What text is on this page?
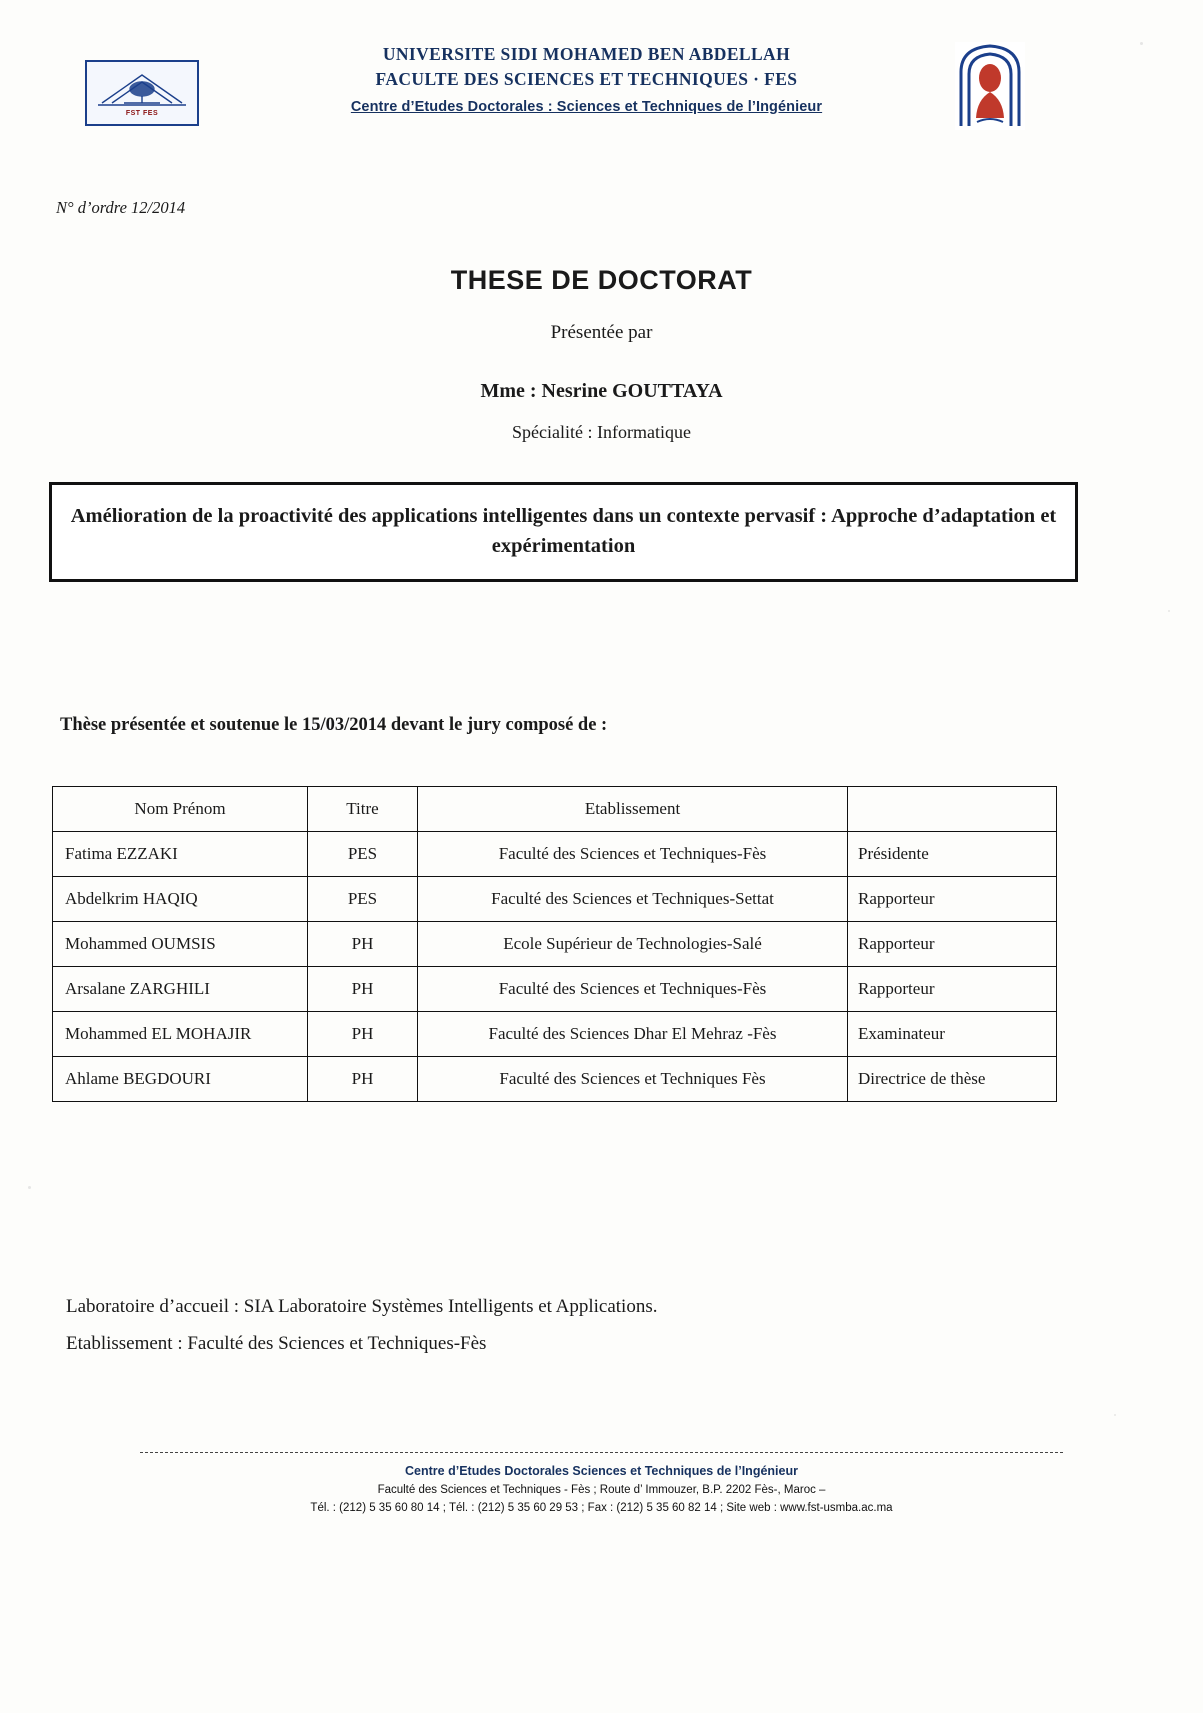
FST FES
UNIVERSITE SIDI MOHAMED BEN ABDELLAH
FACULTE DES SCIENCES ET TECHNIQUES · FES
Centre d’Etudes Doctorales : Sciences et Techniques de l’Ingénieur
N° d’ordre 12/2014
THESE DE DOCTORAT
Présentée par
Mme : Nesrine GOUTTAYA
Spécialité : Informatique
Amélioration de la proactivité des applications intelligentes dans un contexte pervasif : Approche d’adaptation et expérimentation
Thèse présentée et soutenue le 15/03/2014 devant le jury composé de :
Nom Prénom	Titre	Etablissement	
Fatima EZZAKI	PES	Faculté des Sciences et Techniques-Fès	Présidente
Abdelkrim HAQIQ	PES	Faculté des Sciences et Techniques-Settat	Rapporteur
Mohammed OUMSIS	PH	Ecole Supérieur de Technologies-Salé	Rapporteur
Arsalane ZARGHILI	PH	Faculté des Sciences et Techniques-Fès	Rapporteur
Mohammed EL MOHAJIR	PH	Faculté des Sciences Dhar El Mehraz -Fès	Examinateur
Ahlame BEGDOURI	PH	Faculté des Sciences et Techniques Fès	Directrice de thèse
Laboratoire d’accueil : SIA Laboratoire Systèmes Intelligents et Applications.
Etablissement : Faculté des Sciences et Techniques-Fès
Centre d’Etudes Doctorales Sciences et Techniques de l’Ingénieur
Faculté des Sciences et Techniques - Fès ; Route d’ Immouzer, B.P. 2202 Fès-, Maroc –
Tél. : (212) 5 35 60 80 14 ; Tél. : (212) 5 35 60 29 53 ; Fax : (212) 5 35 60 82 14 ; Site web : www.fst-usmba.ac.ma
